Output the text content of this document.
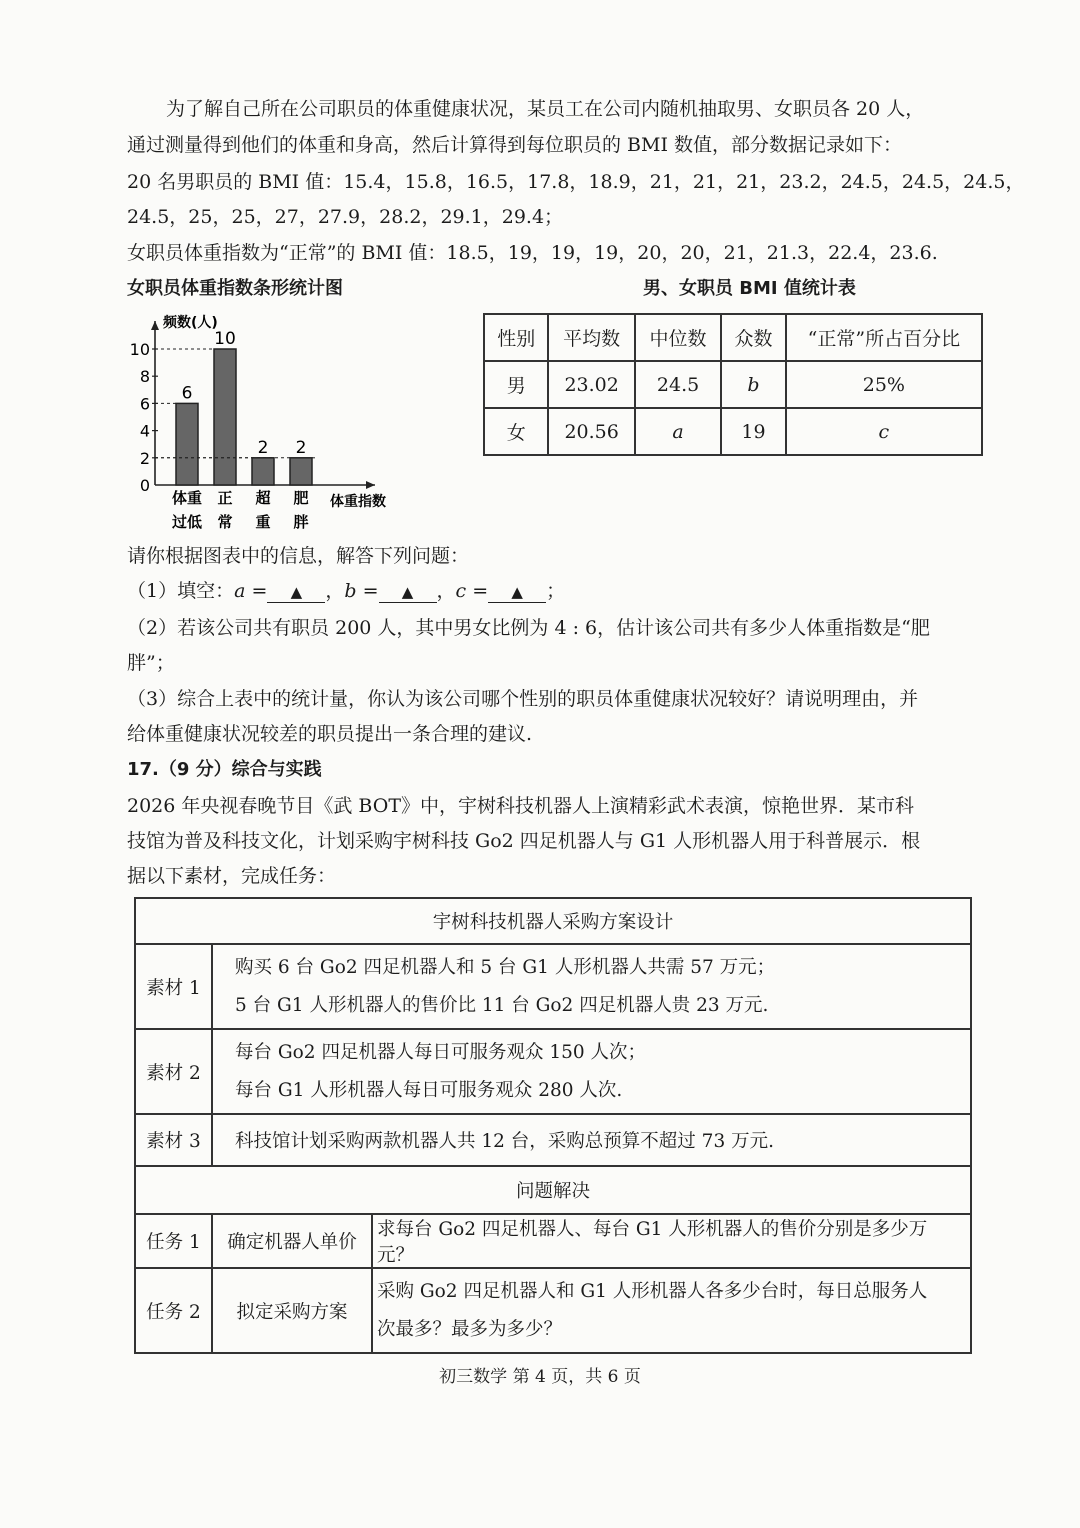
为了解自己所在公司职员的体重健康状况，某员工在公司内随机抽取男、女职员各 20 人，
通过测量得到他们的体重和身高，然后计算得到每位职员的 BMI 数值，部分数据记录如下：
20 名男职员的 BMI 值：15.4，15.8，16.5，17.8，18.9，21，21，21，23.2，24.5，24.5，24.5，
24.5，25，25，27，27.9，28.2，29.1，29.4；
女职员体重指数为“正常”的 BMI 值：18.5，19，19，19，20，20，21，21.3，22.4，23.6.
女职员体重指数条形统计图	男、女职员 BMI 值统计表
频数(人)
体重指数
0
2
4
6
8
10
6
体重
过低
10
正
常
2
超
重
2
肥
胖
性别	平均数	中位数	众数	“正常”所占百分比
男	23.02	24.5	b	25%
女	20.56	a	19	c
请你根据图表中的信息，解答下列问题：
（1）填空：a = ▲ ，b = ▲ ，c = ▲ ；
（2）若该公司共有职员 200 人，其中男女比例为 4 : 6，估计该公司共有多少人体重指数是“肥
胖”；
（3）综合上表中的统计量，你认为该公司哪个性别的职员体重健康状况较好？请说明理由，并
给体重健康状况较差的职员提出一条合理的建议.
17.（9 分）综合与实践
2026 年央视春晚节目《武 BOT》中，宇树科技机器人上演精彩武术表演，惊艳世界．某市科
技馆为普及科技文化，计划采购宇树科技 Go2 四足机器人与 G1 人形机器人用于科普展示．根
据以下素材，完成任务：
宇树科技机器人采购方案设计		
素材 1	购买 6 台 Go2 四足机器人和 5 台 G1 人形机器人共需 57 万元；
5 台 G1 人形机器人的售价比 11 台 Go2 四足机器人贵 23 万元.	

素材 2	每台 Go2 四足机器人每日可服务观众 150 人次；
每台 G1 人形机器人每日可服务观众 280 人次.	

素材 3	科技馆计划采购两款机器人共 12 台，采购总预算不超过 73 万元.	

问题解决		
任务 1	确定机器人单价	求每台 Go2 四足机器人、每台 G1 人形机器人的售价分别是多少万元？

任务 2	拟定采购方案	采购 Go2 四足机器人和 G1 人形机器人各多少台时，每日总服务人
次最多？最多为多少？
初三数学 第 4 页，共 6 页
